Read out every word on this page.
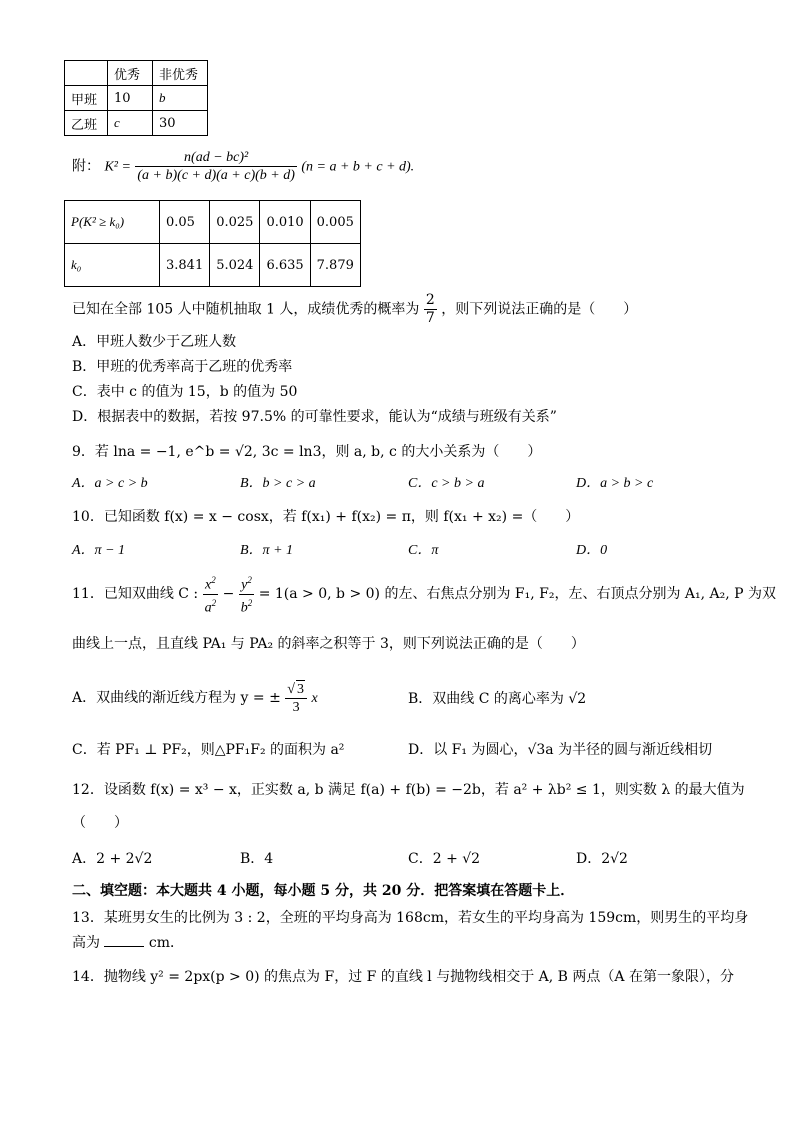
	优秀	非优秀
甲班	10	b
乙班	c	30
附： $K^2 = \frac{\text{n(ad − bc)²}}{(a + b)(c + d)(a + c)(b + d)} (n = a + b + c + d)$.
P(K² ≥ k₀)	0.05	0.025	0.010	0.005
k₀	3.841	5.024	6.635	7.879
已知在全部 105 人中随机抽取 1 人，成绩优秀的概率为 $\frac{2}{7}$ ，则下列说法正确的是（　　）
A．甲班人数少于乙班人数
B．甲班的优秀率高于乙班的优秀率
C．表中 c 的值为 15，b 的值为 50
D．根据表中的数据，若按 97.5% 的可靠性要求，能认为“成绩与班级有关系”
9．若 lna = −1, e^b = √2, 3c = ln3，则 a, b, c 的大小关系为（　　）
A．a > c > b	B．b > c > a	C．c > b > a	D．a > b > c
10．已知函数 f(x) = x − cosx，若 f(x₁) + f(x₂) = π，则 f(x₁ + x₂) =（　　）
A．π − 1	B．π + 1	C．π	D．0
11．已知双曲线 C : $\frac{x^2}{a^2} - \frac{y^2}{b^2} = 1(a > 0$, b > 0) 的左、右焦点分别为 F₁, F₂，左、右顶点分别为 A₁, A₂, P 为双
曲线上一点，且直线 PA₁ 与 PA₂ 的斜率之积等于 3，则下列说法正确的是（　　）
A．双曲线的渐近线方程为 y = ± $\frac{√ 3}{3}$ x	B．双曲线 C 的离心率为 √2
C．若 PF₁ ⊥ PF₂，则△PF₁F₂ 的面积为 a²	D．以 F₁ 为圆心，√3a 为半径的圆与渐近线相切
12．设函数 f(x) = x³ − x，正实数 a, b 满足 f(a) + f(b) = −2b，若 a² + λb² ≤ 1，则实数 λ 的最大值为
（　　）
A．2 + 2√2	B．4	C．2 + √2	D．2√2
二、填空题：本大题共 4 小题，每小题 5 分，共 20 分．把答案填在答题卡上．
13．某班男女生的比例为 3 : 2，全班的平均身高为 168cm，若女生的平均身高为 159cm，则男生的平均身
高为	cm．
14．抛物线 y² = 2px(p > 0) 的焦点为 F，过 F 的直线 l 与抛物线相交于 A, B 两点（A 在第一象限），分
